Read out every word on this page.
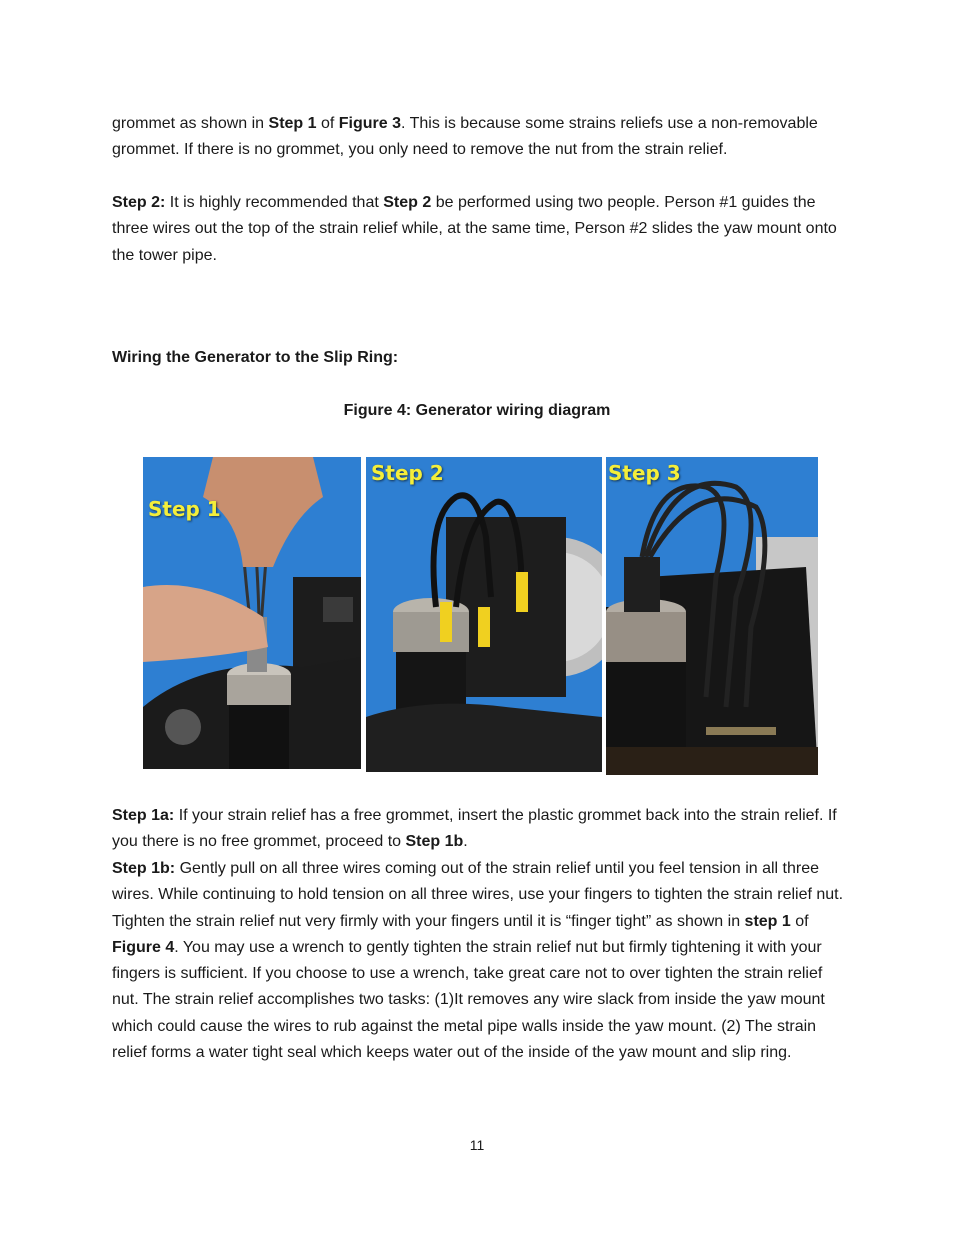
grommet as shown in Step 1 of Figure 3. This is because some strains reliefs use a non-removable grommet. If there is no grommet, you only need to remove the nut from the strain relief.

Step 2: It is highly recommended that Step 2 be performed using two people. Person #1 guides the three wires out the top of the strain relief while, at the same time, Person #2 slides the yaw mount onto the tower pipe.

Wiring the Generator to the Slip Ring:

Figure 4: Generator wiring diagram

Step 1
Step 2	Step 3

Step 1a: If your strain relief has a free grommet, insert the plastic grommet back into the strain relief. If you there is no free grommet, proceed to Step 1b.

Step 1b: Gently pull on all three wires coming out of the strain relief until you feel tension in all three wires. While continuing to hold tension on all three wires, use your fingers to tighten the strain relief nut. Tighten the strain relief nut very firmly with your fingers until it is “finger tight” as shown in step 1 of Figure 4. You may use a wrench to gently tighten the strain relief nut but firmly tightening it with your fingers is sufficient. If you choose to use a wrench, take great care not to over tighten the strain relief nut. The strain relief accomplishes two tasks: (1)It removes any wire slack from inside the yaw mount which could cause the wires to rub against the metal pipe walls inside the yaw mount. (2) The strain relief forms a water tight seal which keeps water out of the inside of the yaw mount and slip ring.

11
